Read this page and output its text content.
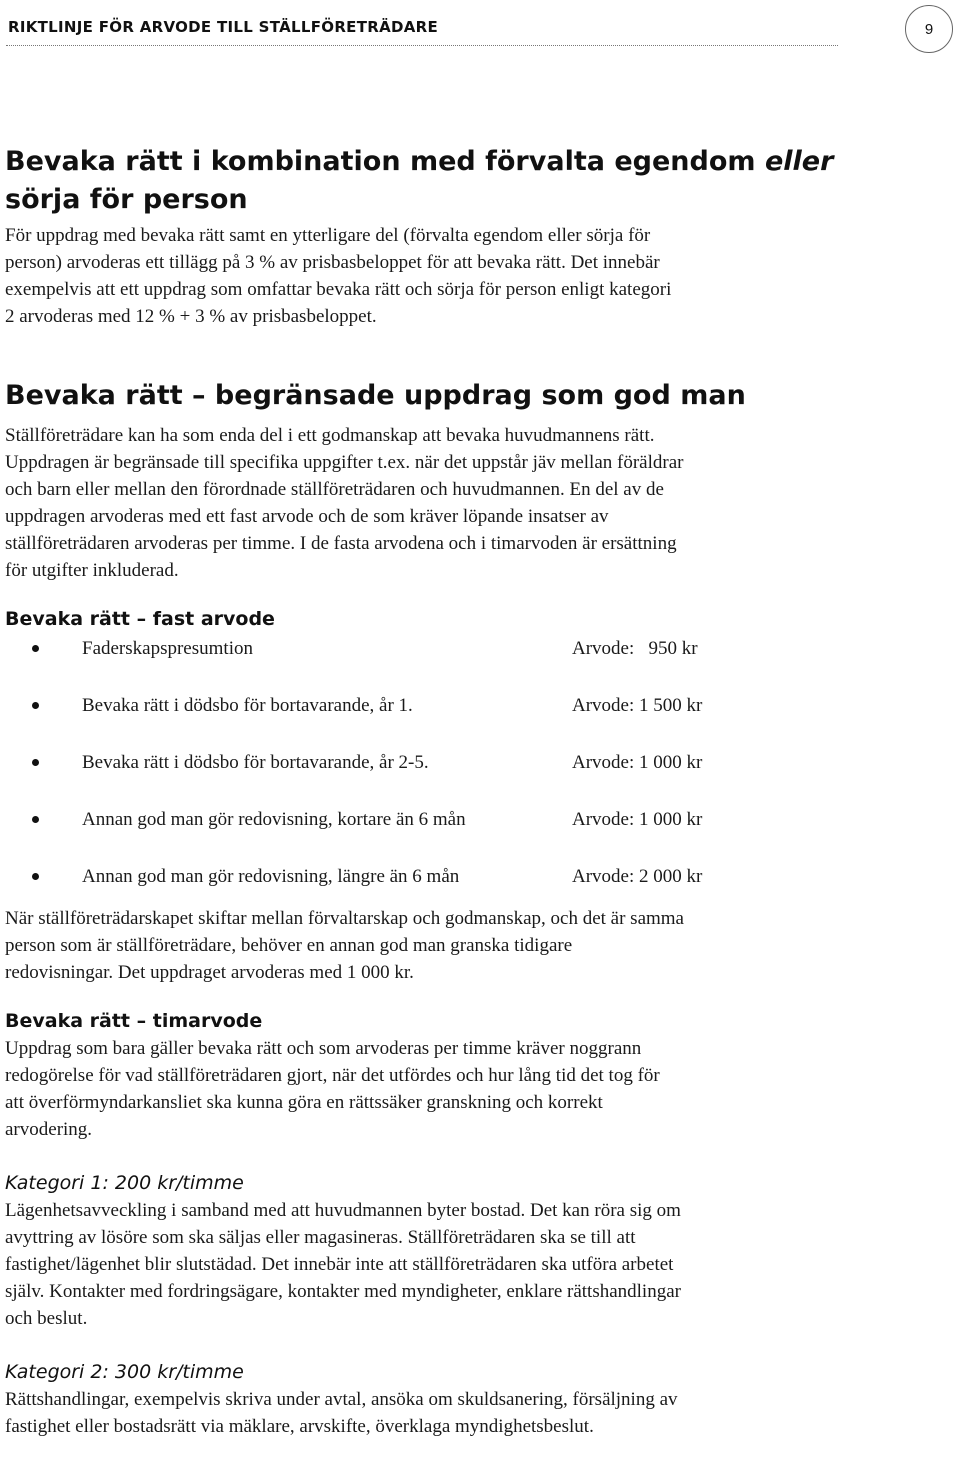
RIKTLINJE FÖR ARVODE TILL STÄLLFÖRETRÄDARE	9
Bevaka rätt i kombination med förvalta egendom eller
sörja för person

För uppdrag med bevaka rätt samt en ytterligare del (förvalta egendom eller sörja för
person) arvoderas ett tillägg på 3 % av prisbasbeloppet för att bevaka rätt. Det innebär
exempelvis att ett uppdrag som omfattar bevaka rätt och sörja för person enligt kategori
2 arvoderas med 12 % + 3 % av prisbasbeloppet.

Bevaka rätt – begränsade uppdrag som god man

Ställföreträdare kan ha som enda del i ett godmanskap att bevaka huvudmannens rätt.
Uppdragen är begränsade till specifika uppgifter t.ex. när det uppstår jäv mellan föräldrar
och barn eller mellan den förordnade ställföreträdaren och huvudmannen. En del av de
uppdragen arvoderas med ett fast arvode och de som kräver löpande insatser av
ställföreträdaren arvoderas per timme. I de fasta arvodena och i timarvoden är ersättning
för utgifter inkluderad.

Bevaka rätt – fast arvode
Faderskapspresumtion	Arvode:   950 kr
Bevaka rätt i dödsbo för bortavarande, år 1.	Arvode: 1 500 kr
Bevaka rätt i dödsbo för bortavarande, år 2-5.	Arvode: 1 000 kr
Annan god man gör redovisning, kortare än 6 mån	Arvode: 1 000 kr
Annan god man gör redovisning, längre än 6 mån	Arvode: 2 000 kr

När ställföreträdarskapet skiftar mellan förvaltarskap och godmanskap, och det är samma
person som är ställföreträdare, behöver en annan god man granska tidigare
redovisningar. Det uppdraget arvoderas med 1 000 kr.

Bevaka rätt – timarvode

Uppdrag som bara gäller bevaka rätt och som arvoderas per timme kräver noggrann
redogörelse för vad ställföreträdaren gjort, när det utfördes och hur lång tid det tog för
att överförmyndarkansliet ska kunna göra en rättssäker granskning och korrekt
arvodering.

Kategori 1: 200 kr/timme

Lägenhetsavveckling i samband med att huvudmannen byter bostad. Det kan röra sig om
avyttring av lösöre som ska säljas eller magasineras. Ställföreträdaren ska se till att
fastighet/lägenhet blir slutstädad. Det innebär inte att ställföreträdaren ska utföra arbetet
själv. Kontakter med fordringsägare, kontakter med myndigheter, enklare rättshandlingar
och beslut.

Kategori 2: 300 kr/timme

Rättshandlingar, exempelvis skriva under avtal, ansöka om skuldsanering, försäljning av
fastighet eller bostadsrätt via mäklare, arvskifte, överklaga myndighetsbeslut.
